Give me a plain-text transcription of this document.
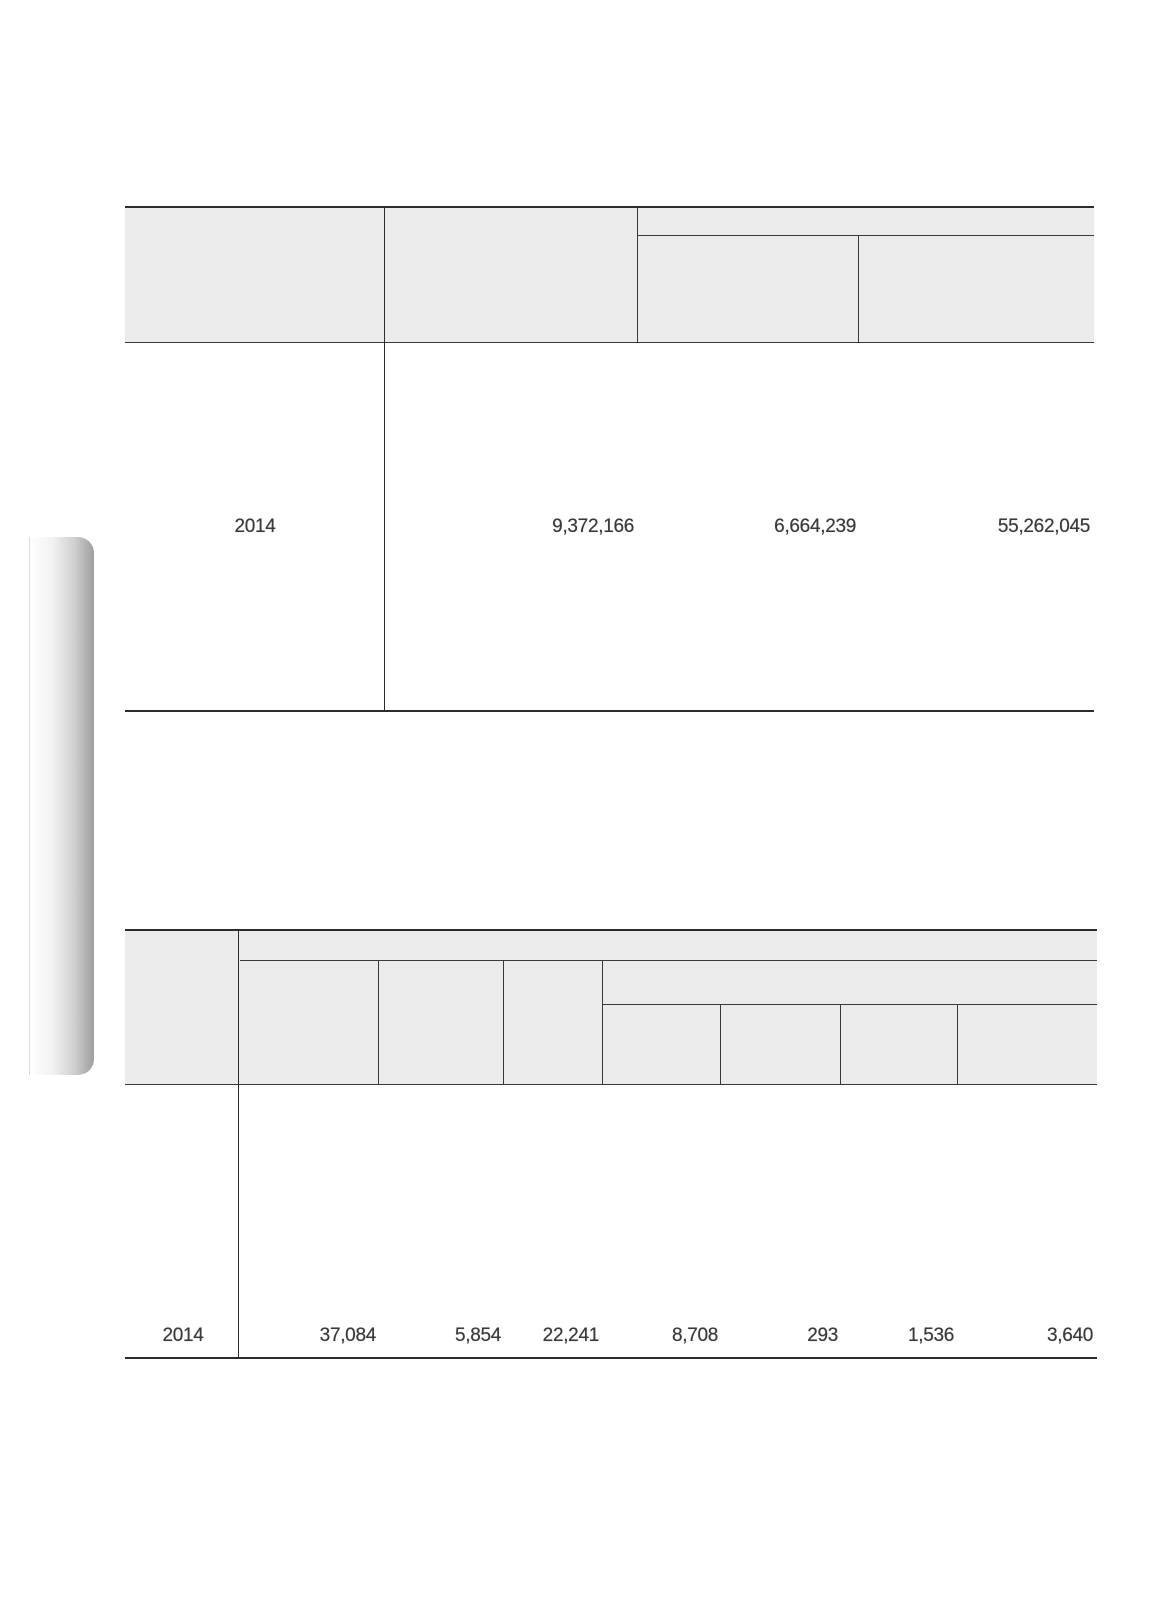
2014	9,372,166	6,664,239	55,262,045
2014	37,084	5,854	22,241	8,708	293	1,536	3,640
